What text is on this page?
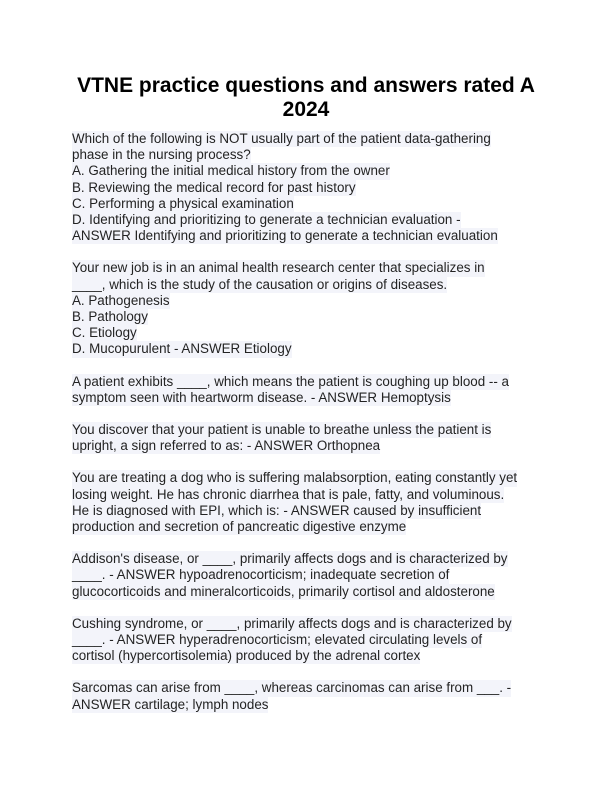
VTNE practice questions and answers rated A
2024
Which of the following is NOT usually part of the patient data-gathering
phase in the nursing process?
A. Gathering the initial medical history from the owner
B. Reviewing the medical record for past history
C. Performing a physical examination
D. Identifying and prioritizing to generate a technician evaluation -
ANSWER Identifying and prioritizing to generate a technician evaluation
Your new job is in an animal health research center that specializes in
____, which is the study of the causation or origins of diseases.
A. Pathogenesis
B. Pathology
C. Etiology
D. Mucopurulent - ANSWER Etiology
A patient exhibits ____, which means the patient is coughing up blood -- a
symptom seen with heartworm disease. - ANSWER Hemoptysis
You discover that your patient is unable to breathe unless the patient is
upright, a sign referred to as: - ANSWER Orthopnea
You are treating a dog who is suffering malabsorption, eating constantly yet
losing weight. He has chronic diarrhea that is pale, fatty, and voluminous.
He is diagnosed with EPI, which is: - ANSWER caused by insufficient
production and secretion of pancreatic digestive enzyme
Addison's disease, or ____, primarily affects dogs and is characterized by
____. - ANSWER hypoadrenocorticism; inadequate secretion of
glucocorticoids and mineralcorticoids, primarily cortisol and aldosterone
Cushing syndrome, or ____, primarily affects dogs and is characterized by
____. - ANSWER hyperadrenocorticism; elevated circulating levels of
cortisol (hypercortisolemia) produced by the adrenal cortex
Sarcomas can arise from ____, whereas carcinomas can arise from ___. -
ANSWER cartilage; lymph nodes
